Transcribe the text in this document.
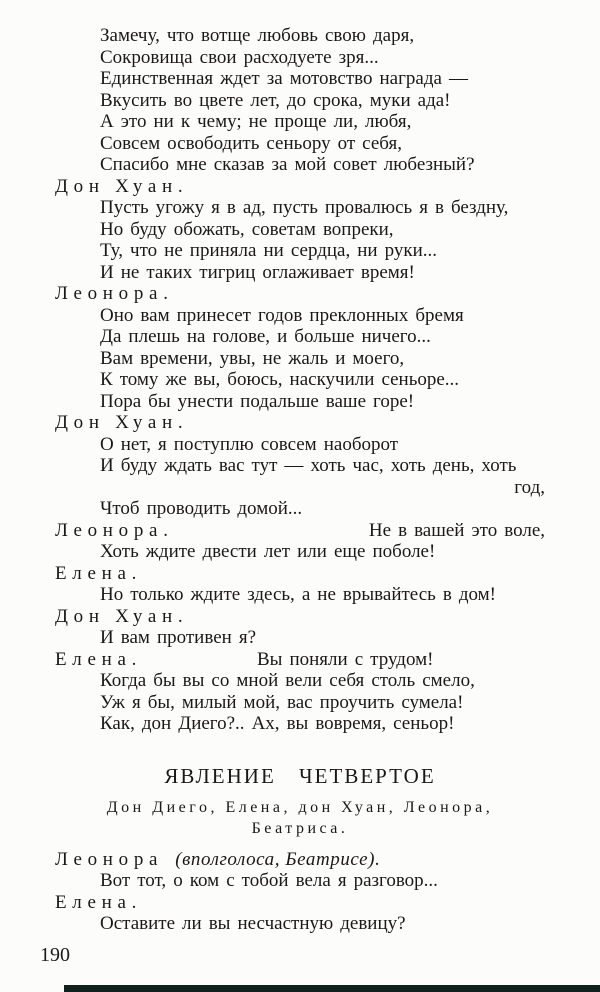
Замечу, что вотще любовь свою даря,
Сокровища свои расходуете зря...
Единственная ждет за мотовство награда —
Вкусить во цвете лет, до срока, муки ада!
А это ни к чему; не проще ли, любя,
Совсем освободить сеньору от себя,
Спасибо мне сказав за мой совет любезный?
Дон Хуан.
Пусть угожу я в ад, пусть провалюсь я в бездну,
Но буду обожать, советам вопреки,
Ту, что не приняла ни сердца, ни руки...
И не таких тигриц оглаживает время!
Леонора.
Оно вам принесет годов преклонных бремя
Да плешь на голове, и больше ничего...
Вам времени, увы, не жаль и моего,
К тому же вы, боюсь, наскучили сеньоре...
Пора бы унести подальше ваше горе!
Дон Хуан.
О нет, я поступлю совсем наоборот
И буду ждать вас тут — хоть час, хоть день, хоть
год,
Чтоб проводить домой...
Леонора.	Не в вашей это воле,
Хоть ждите двести лет или еще поболе!
Елена.
Но только ждите здесь, а не врывайтесь в дом!
Дон Хуан.
И вам противен я?
Елена.	Вы поняли с трудом!
Когда бы вы со мной вели себя столь смело,
Уж я бы, милый мой, вас проучить сумела!
Как, дон Диего?.. Ах, вы вовремя, сеньор!
ЯВЛЕНИЕ ЧЕТВЕРТОЕ
Дон Диего, Елена, дон Хуан, Леонора,
Беатриса.
Леонора (вполголоса, Беатрисе).
Вот тот, о ком с тобой вела я разговор...
Елена.
Оставите ли вы несчастную девицу?
190
